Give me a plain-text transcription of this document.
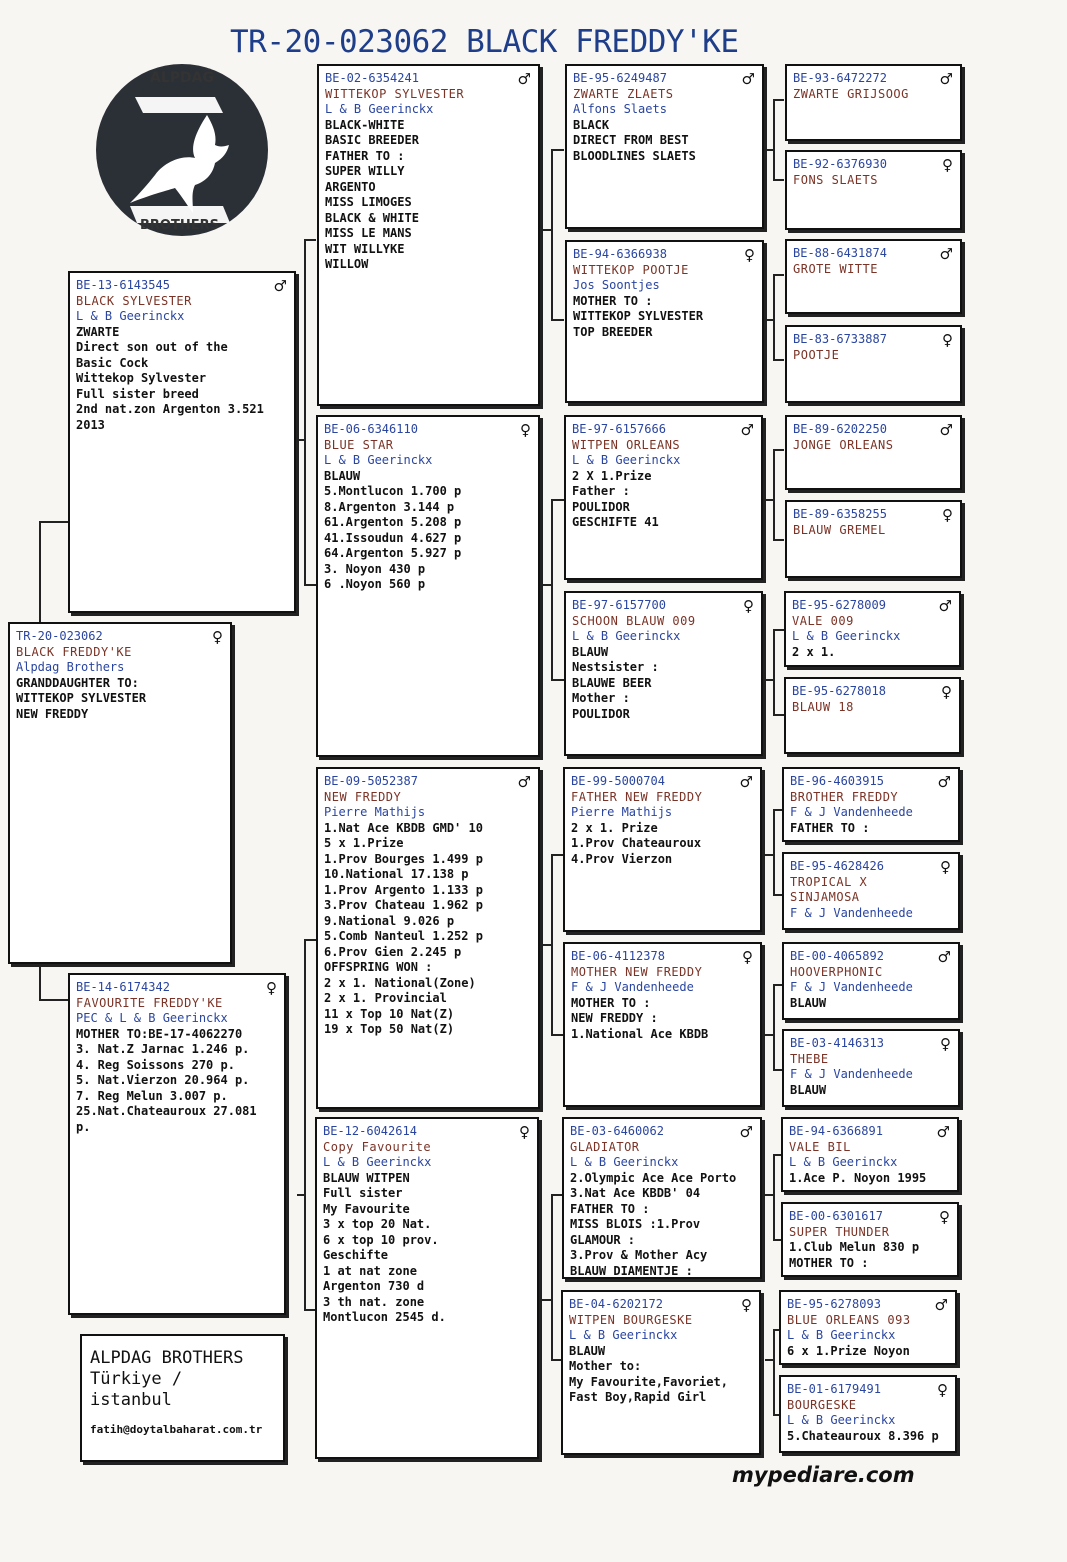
TR-20-023062 BLACK FREDDY'KE
ALPDAĞ
BROTHERS
♀
TR-20-023062
BLACK FREDDY'KE
Alpdag Brothers
GRANDDAUGHTER TO:
WITTEKOP SYLVESTER
NEW FREDDY
♂
BE-13-6143545
BLACK SYLVESTER
L & B Geerinckx
ZWARTE
Direct son out of the
Basic Cock
Wittekop Sylvester
Full sister breed
2nd nat.zon Argenton 3.521
2013
♀
BE-14-6174342
FAVOURITE FREDDY'KE
PEC & L & B Geerinckx
MOTHER TO:BE-17-4062270
3. Nat.Z Jarnac 1.246 p.
4. Reg Soissons 270 p.
5. Nat.Vierzon 20.964 p.
7. Reg Melun 3.007 p.
25.Nat.Chateauroux 27.081
p.
♂
BE-02-6354241
WITTEKOP SYLVESTER
L & B Geerinckx
BLACK-WHITE
BASIC BREEDER
FATHER TO :
SUPER WILLY
ARGENTO
MISS LIMOGES
BLACK & WHITE
MISS LE MANS
WIT WILLYKE
WILLOW
♀
BE-06-6346110
BLUE STAR
L & B Geerinckx
BLAUW
5.Montlucon 1.700 p
8.Argenton 3.144 p
61.Argenton 5.208 p
41.Issoudun 4.627 p
64.Argenton 5.927 p
3. Noyon 430 p
6 .Noyon 560 p
♂
BE-09-5052387
NEW FREDDY
Pierre Mathijs
1.Nat Ace KBDB GMD' 10
5 x 1.Prize
1.Prov Bourges 1.499 p
10.National 17.138 p
1.Prov Argento 1.133 p
3.Prov Chateau 1.962 p
9.National 9.026 p
5.Comb Nanteul 1.252 p
6.Prov Gien 2.245 p
OFFSPRING WON :
2 x 1. National(Zone)
2 x 1. Provincial
11 x Top 10 Nat(Z)
19 x Top 50 Nat(Z)
♀
BE-12-6042614
Copy Favourite
L & B Geerinckx
BLAUW WITPEN
Full sister
My Favourite
3 x top 20 Nat.
6 x top 10 prov.
Geschifte
1 at nat zone
Argenton 730 d
3 th nat. zone
Montlucon 2545 d.
♂
BE-95-6249487
ZWARTE ZLAETS
Alfons Slaets
BLACK
DIRECT FROM BEST
BLOODLINES SLAETS
♀
BE-94-6366938
WITTEKOP POOTJE
Jos Soontjes
MOTHER TO :
WITTEKOP SYLVESTER
TOP BREEDER
♂
BE-97-6157666
WITPEN ORLEANS
L & B Geerinckx
2 X 1.Prize
Father :
POULIDOR
GESCHIFTE 41
♀
BE-97-6157700
SCHOON BLAUW 009
L & B Geerinckx
BLAUW
Nestsister :
BLAUWE BEER
Mother :
POULIDOR
♂
BE-99-5000704
FATHER NEW FREDDY
Pierre Mathijs
2 x 1. Prize
1.Prov Chateauroux
4.Prov Vierzon
♀
BE-06-4112378
MOTHER NEW FREDDY
F & J Vandenheede
MOTHER TO :
NEW FREDDY :
1.National Ace KBDB
♂
BE-03-6460062
GLADIATOR
L & B Geerinckx
2.Olympic Ace Ace Porto
3.Nat Ace KBDB' 04
FATHER TO :
MISS BLOIS :1.Prov
GLAMOUR :
3.Prov & Mother Acy
BLAUW DIAMENTJE :
♀
BE-04-6202172
WITPEN BOURGESKE
L & B Geerinckx
BLAUW
Mother to:
My Favourite,Favoriet,
Fast Boy,Rapid Girl
♂
BE-93-6472272
ZWARTE GRIJSOOG
♀
BE-92-6376930
FONS SLAETS
♂
BE-88-6431874
GROTE WITTE
♀
BE-83-6733887
POOTJE
♂
BE-89-6202250
JONGE ORLEANS
♀
BE-89-6358255
BLAUW GREMEL
♂
BE-95-6278009
VALE 009
L & B Geerinckx
2 x 1.
♀
BE-95-6278018
BLAUW 18
♂
BE-96-4603915
BROTHER FREDDY
F & J Vandenheede
FATHER TO :
♀
BE-95-4628426
TROPICAL X SINJAMOSA
F & J Vandenheede
♂
BE-00-4065892
HOOVERPHONIC
F & J Vandenheede
BLAUW
♀
BE-03-4146313
THEBE
F & J Vandenheede
BLAUW
♂
BE-94-6366891
VALE BIL
L & B Geerinckx
1.Ace P. Noyon 1995
♀
BE-00-6301617
SUPER THUNDER
1.Club Melun 830 p
MOTHER TO :
♂
BE-95-6278093
BLUE ORLEANS 093
L & B Geerinckx
6 x 1.Prize Noyon
♀
BE-01-6179491
BOURGESKE
L & B Geerinckx
5.Chateauroux 8.396 p
ALPDAG BROTHERS
Türkiye /
istanbul
fatih@doytalbaharat.com.tr
mypediare.com
